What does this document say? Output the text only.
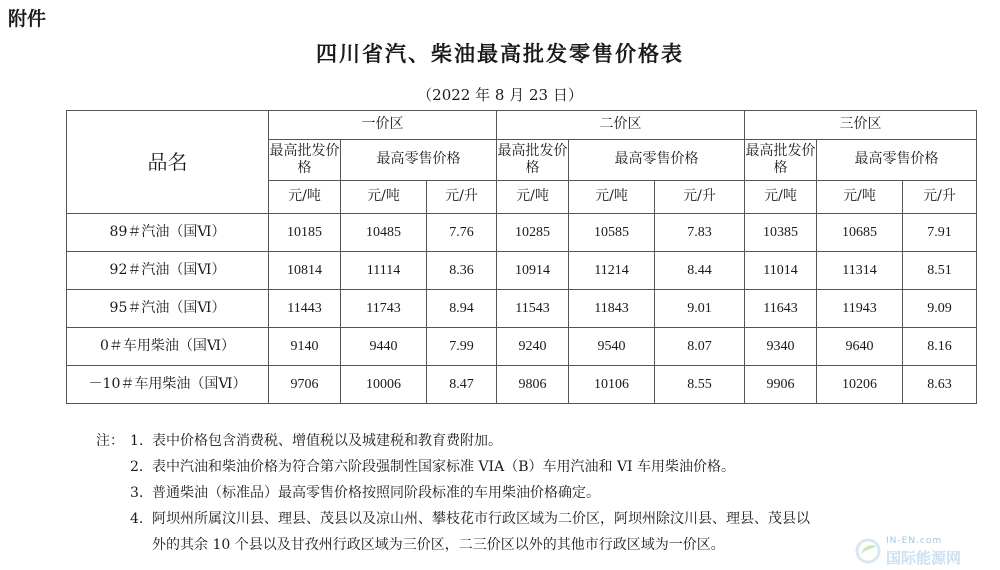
附件
四川省汽、柴油最高批发零售价格表
（2022 年 8 月 23 日）
品名	一价区			二价区			三价区		
	最高批发价格	最高零售价格		最高批发价格	最高零售价格		最高批发价格	最高零售价格	
	元/吨	元/吨	元/升	元/吨	元/吨	元/升	元/吨	元/吨	元/升
89＃汽油（国Ⅵ）	10185	10485	7.76	10285	10585	7.83	10385	10685	7.91
92＃汽油（国Ⅵ）	10814	11114	8.36	10914	11214	8.44	11014	11314	8.51
95＃汽油（国Ⅵ）	11443	11743	8.94	11543	11843	9.01	11643	11943	9.09
0＃车用柴油（国Ⅵ）	9140	9440	7.99	9240	9540	8.07	9340	9640	8.16
－10＃车用柴油（国Ⅵ）	9706	10006	8.47	9806	10106	8.55	9906	10206	8.63
注： 1. 表中价格包含消费税、增值税以及城建税和教育费附加。
2. 表中汽油和柴油价格为符合第六阶段强制性国家标准 VIA（B）车用汽油和 VI 车用柴油价格。
3. 普通柴油（标准品）最高零售价格按照同阶段标准的车用柴油价格确定。
4. 阿坝州所属汶川县、理县、茂县以及凉山州、攀枝花市行政区域为二价区，阿坝州除汶川县、理县、茂县以
外的其余 10 个县以及甘孜州行政区域为三价区，二三价区以外的其他市行政区域为一价区。	IN-EN.com
国际能源网
